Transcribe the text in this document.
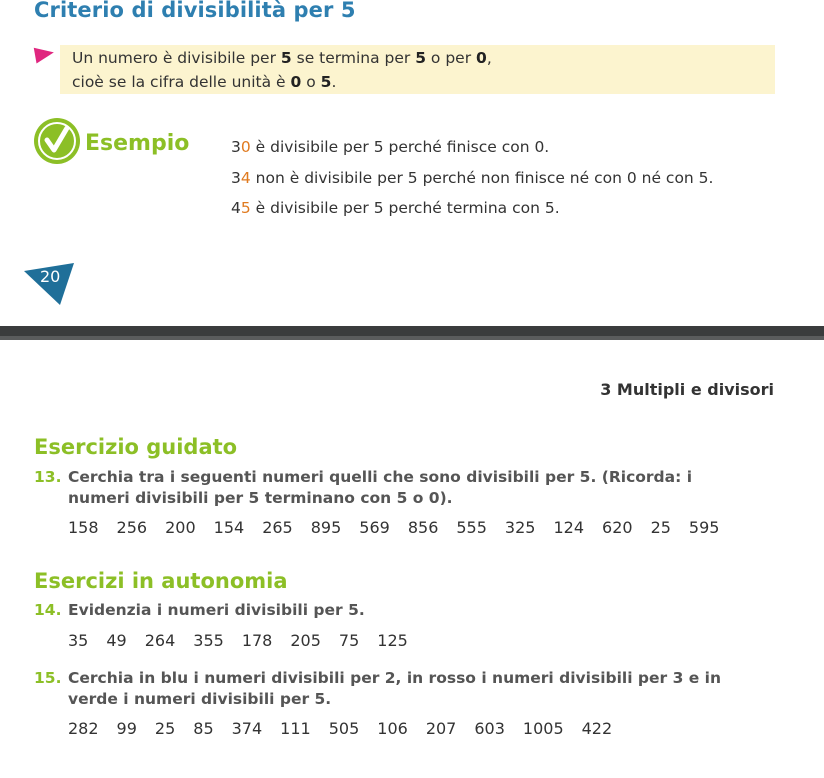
Criterio di divisibilità per 5
Un numero è divisibile per 5 se termina per 5 o per 0,
cioè se la cifra delle unità è 0 o 5.
Esempio	30 è divisibile per 5 perché finisce con 0.
34 non è divisibile per 5 perché non finisce né con 0 né con 5.
45 è divisibile per 5 perché termina con 5.
20
3 Multipli e divisori
Esercizio guidato
13. Cerchia tra i seguenti numeri quelli che sono divisibili per 5. (Ricorda: i
numeri divisibili per 5 terminano con 5 o 0).
158 256 200 154 265 895 569 856 555 325 124 620 25 595
Esercizi in autonomia
14. Evidenzia i numeri divisibili per 5.
35 49 264 355 178 205 75 125
15. Cerchia in blu i numeri divisibili per 2, in rosso i numeri divisibili per 3 e in
verde i numeri divisibili per 5.
282 99 25 85 374 111 505 106 207 603 1005 422
